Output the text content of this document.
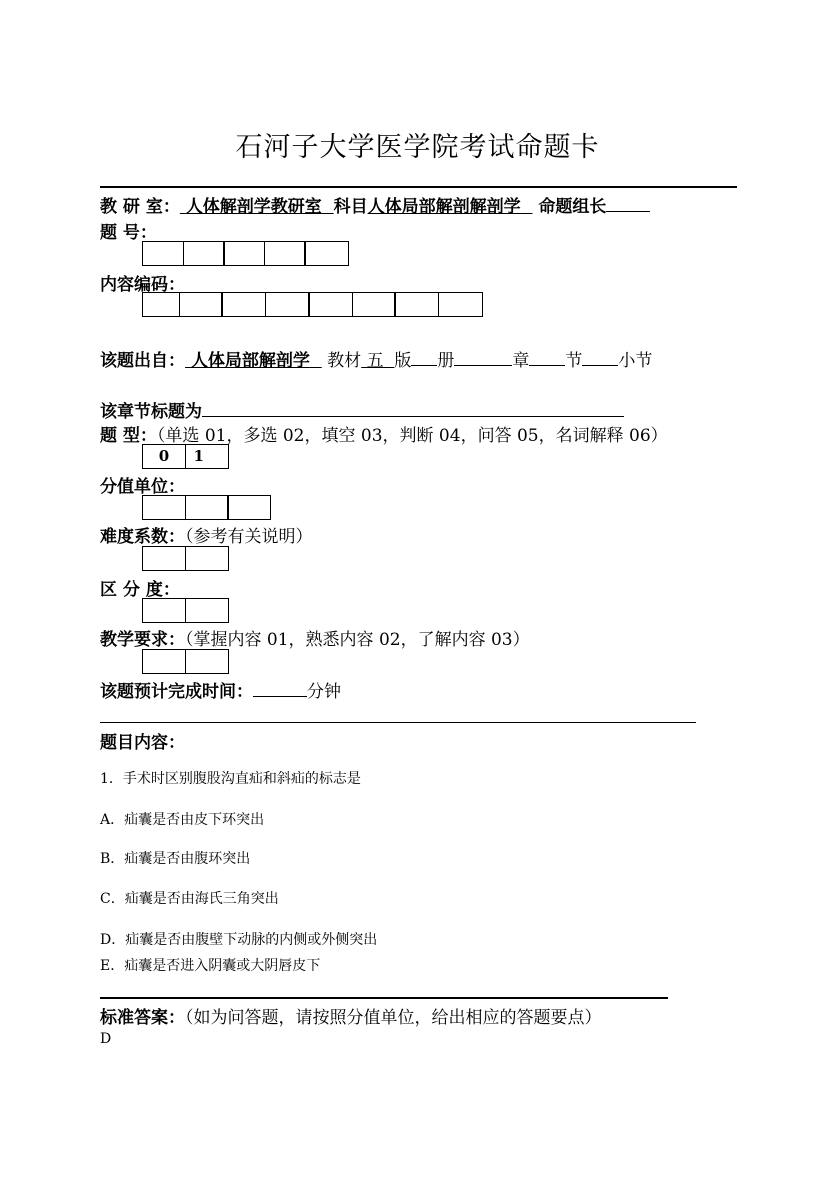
石河子大学医学院考试命题卡
教 研 室： 人体解剖学教研室 科目人体局部解剖解剖学 命题组长
题 号：
内容编码：
该题出自： 人体局部解剖学 教材 五 版 册	章 节 小节
该章节标题为
题 型：（单选 01，多选 02，填空 03，判断 04，问答 05，名词解释 06）
0	1
分值单位：
难度系数：（参考有关说明）
区 分 度：
教学要求：（掌握内容 01，熟悉内容 02，了解内容 03）
该题预计完成时间：	分钟
题目内容：
1．手术时区别腹股沟直疝和斜疝的标志是
A．疝囊是否由皮下环突出
B．疝囊是否由腹环突出
C．疝囊是否由海氏三角突出
D．疝囊是否由腹壁下动脉的内侧或外侧突出
E．疝囊是否进入阴囊或大阴唇皮下
标准答案：（如为问答题，请按照分值单位，给出相应的答题要点）
D
